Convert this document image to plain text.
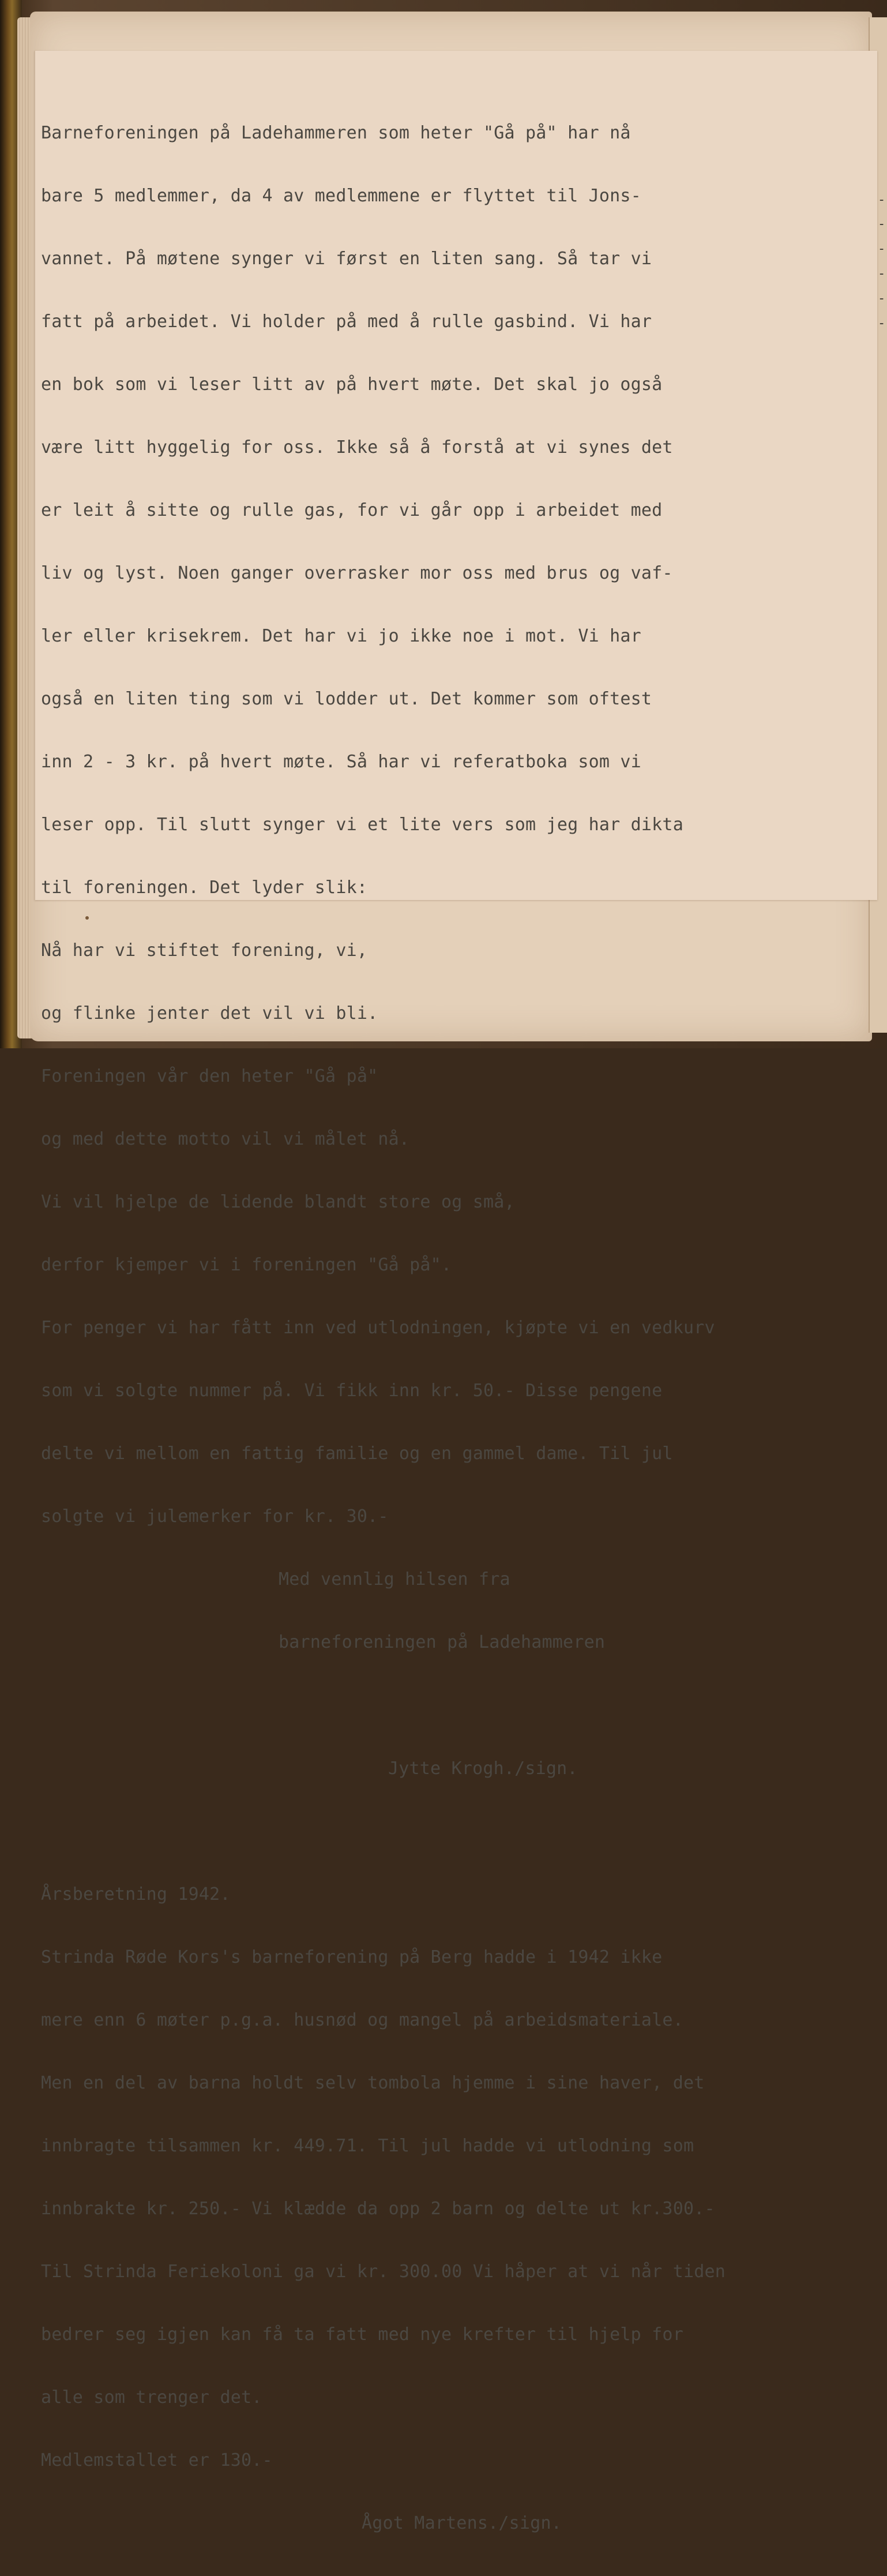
-
-
-
-
-
-

Barneforeningen på Ladehammeren som heter "Gå på" har nå

bare 5 medlemmer, da 4 av medlemmene er flyttet til Jons-

vannet. På møtene synger vi først en liten sang. Så tar vi

fatt på arbeidet. Vi holder på med å rulle gasbind. Vi har

en bok som vi leser litt av på hvert møte. Det skal jo også

være litt hyggelig for oss. Ikke så å forstå at vi synes det

er leit å sitte og rulle gas, for vi går opp i arbeidet med

liv og lyst. Noen ganger overrasker mor oss med brus og vaf-

ler eller krisekrem. Det har vi jo ikke noe i mot. Vi har

også en liten ting som vi lodder ut. Det kommer som oftest

inn 2 - 3 kr. på hvert møte. Så har vi referatboka som vi

leser opp. Til slutt synger vi et lite vers som jeg har dikta

til foreningen. Det lyder slik:

Nå har vi stiftet forening, vi,

og flinke jenter det vil vi bli.

Foreningen vår den heter "Gå på"

og med dette motto vil vi målet nå.

Vi vil hjelpe de lidende blandt store og små,

derfor kjemper vi i foreningen "Gå på".

For penger vi har fått inn ved utlodningen, kjøpte vi en vedkurv

som vi solgte nummer på. Vi fikk inn kr. 50.- Disse pengene

delte vi mellom en fattig familie og en gammel dame. Til jul

solgte vi julemerker for kr. 30.-

Med vennlig hilsen fra

barneforeningen på Ladehammeren

Jytte Krogh./sign.

Årsberetning 1942.

Strinda Røde Kors's barneforening på Berg hadde i 1942 ikke

mere enn 6 møter p.g.a. husnød og mangel på arbeidsmateriale.

Men en del av barna holdt selv tombola hjemme i sine haver, det

innbragte tilsammen kr. 449.71. Til jul hadde vi utlodning som

innbrakte kr. 250.- Vi klædde da opp 2 barn og delte ut kr.300.-

Til Strinda Feriekoloni ga vi kr. 300.00 Vi håper at vi når tiden

bedrer seg igjen kan få ta fatt med nye krefter til hjelp for

alle som trenger det.

Medlemstallet er 130.-

Ågot Martens./sign.
